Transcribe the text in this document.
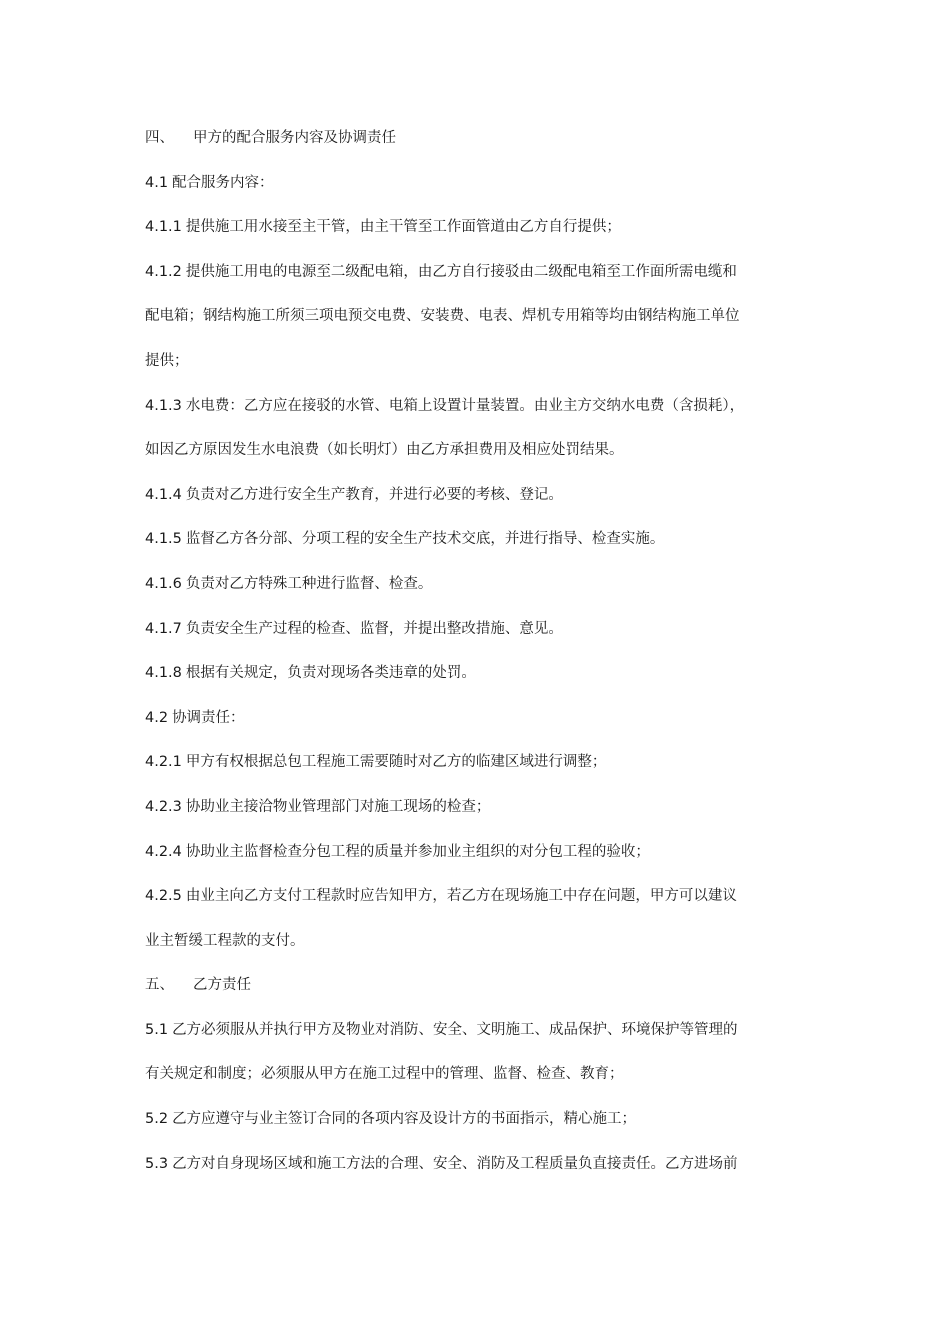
四、 甲方的配合服务内容及协调责任
4.1 配合服务内容：
4.1.1 提供施工用水接至主干管，由主干管至工作面管道由乙方自行提供；
4.1.2 提供施工用电的电源至二级配电箱，由乙方自行接驳由二级配电箱至工作面所需电缆和
配电箱；钢结构施工所须三项电预交电费、安装费、电表、焊机专用箱等均由钢结构施工单位
提供；
4.1.3 水电费：乙方应在接驳的水管、电箱上设置计量装置。由业主方交纳水电费（含损耗），
如因乙方原因发生水电浪费（如长明灯）由乙方承担费用及相应处罚结果。
4.1.4 负责对乙方进行安全生产教育，并进行必要的考核、登记。
4.1.5 监督乙方各分部、分项工程的安全生产技术交底，并进行指导、检查实施。
4.1.6 负责对乙方特殊工种进行监督、检查。
4.1.7 负责安全生产过程的检查、监督，并提出整改措施、意见。
4.1.8 根据有关规定，负责对现场各类违章的处罚。
4.2 协调责任：
4.2.1 甲方有权根据总包工程施工需要随时对乙方的临建区域进行调整；
4.2.3 协助业主接洽物业管理部门对施工现场的检查；
4.2.4 协助业主监督检查分包工程的质量并参加业主组织的对分包工程的验收；
4.2.5 由业主向乙方支付工程款时应告知甲方，若乙方在现场施工中存在问题，甲方可以建议
业主暂缓工程款的支付。
五、 乙方责任
5.1 乙方必须服从并执行甲方及物业对消防、安全、文明施工、成品保护、环境保护等管理的
有关规定和制度；必须服从甲方在施工过程中的管理、监督、检查、教育；
5.2 乙方应遵守与业主签订合同的各项内容及设计方的书面指示，精心施工；
5.3 乙方对自身现场区域和施工方法的合理、安全、消防及工程质量负直接责任。乙方进场前
